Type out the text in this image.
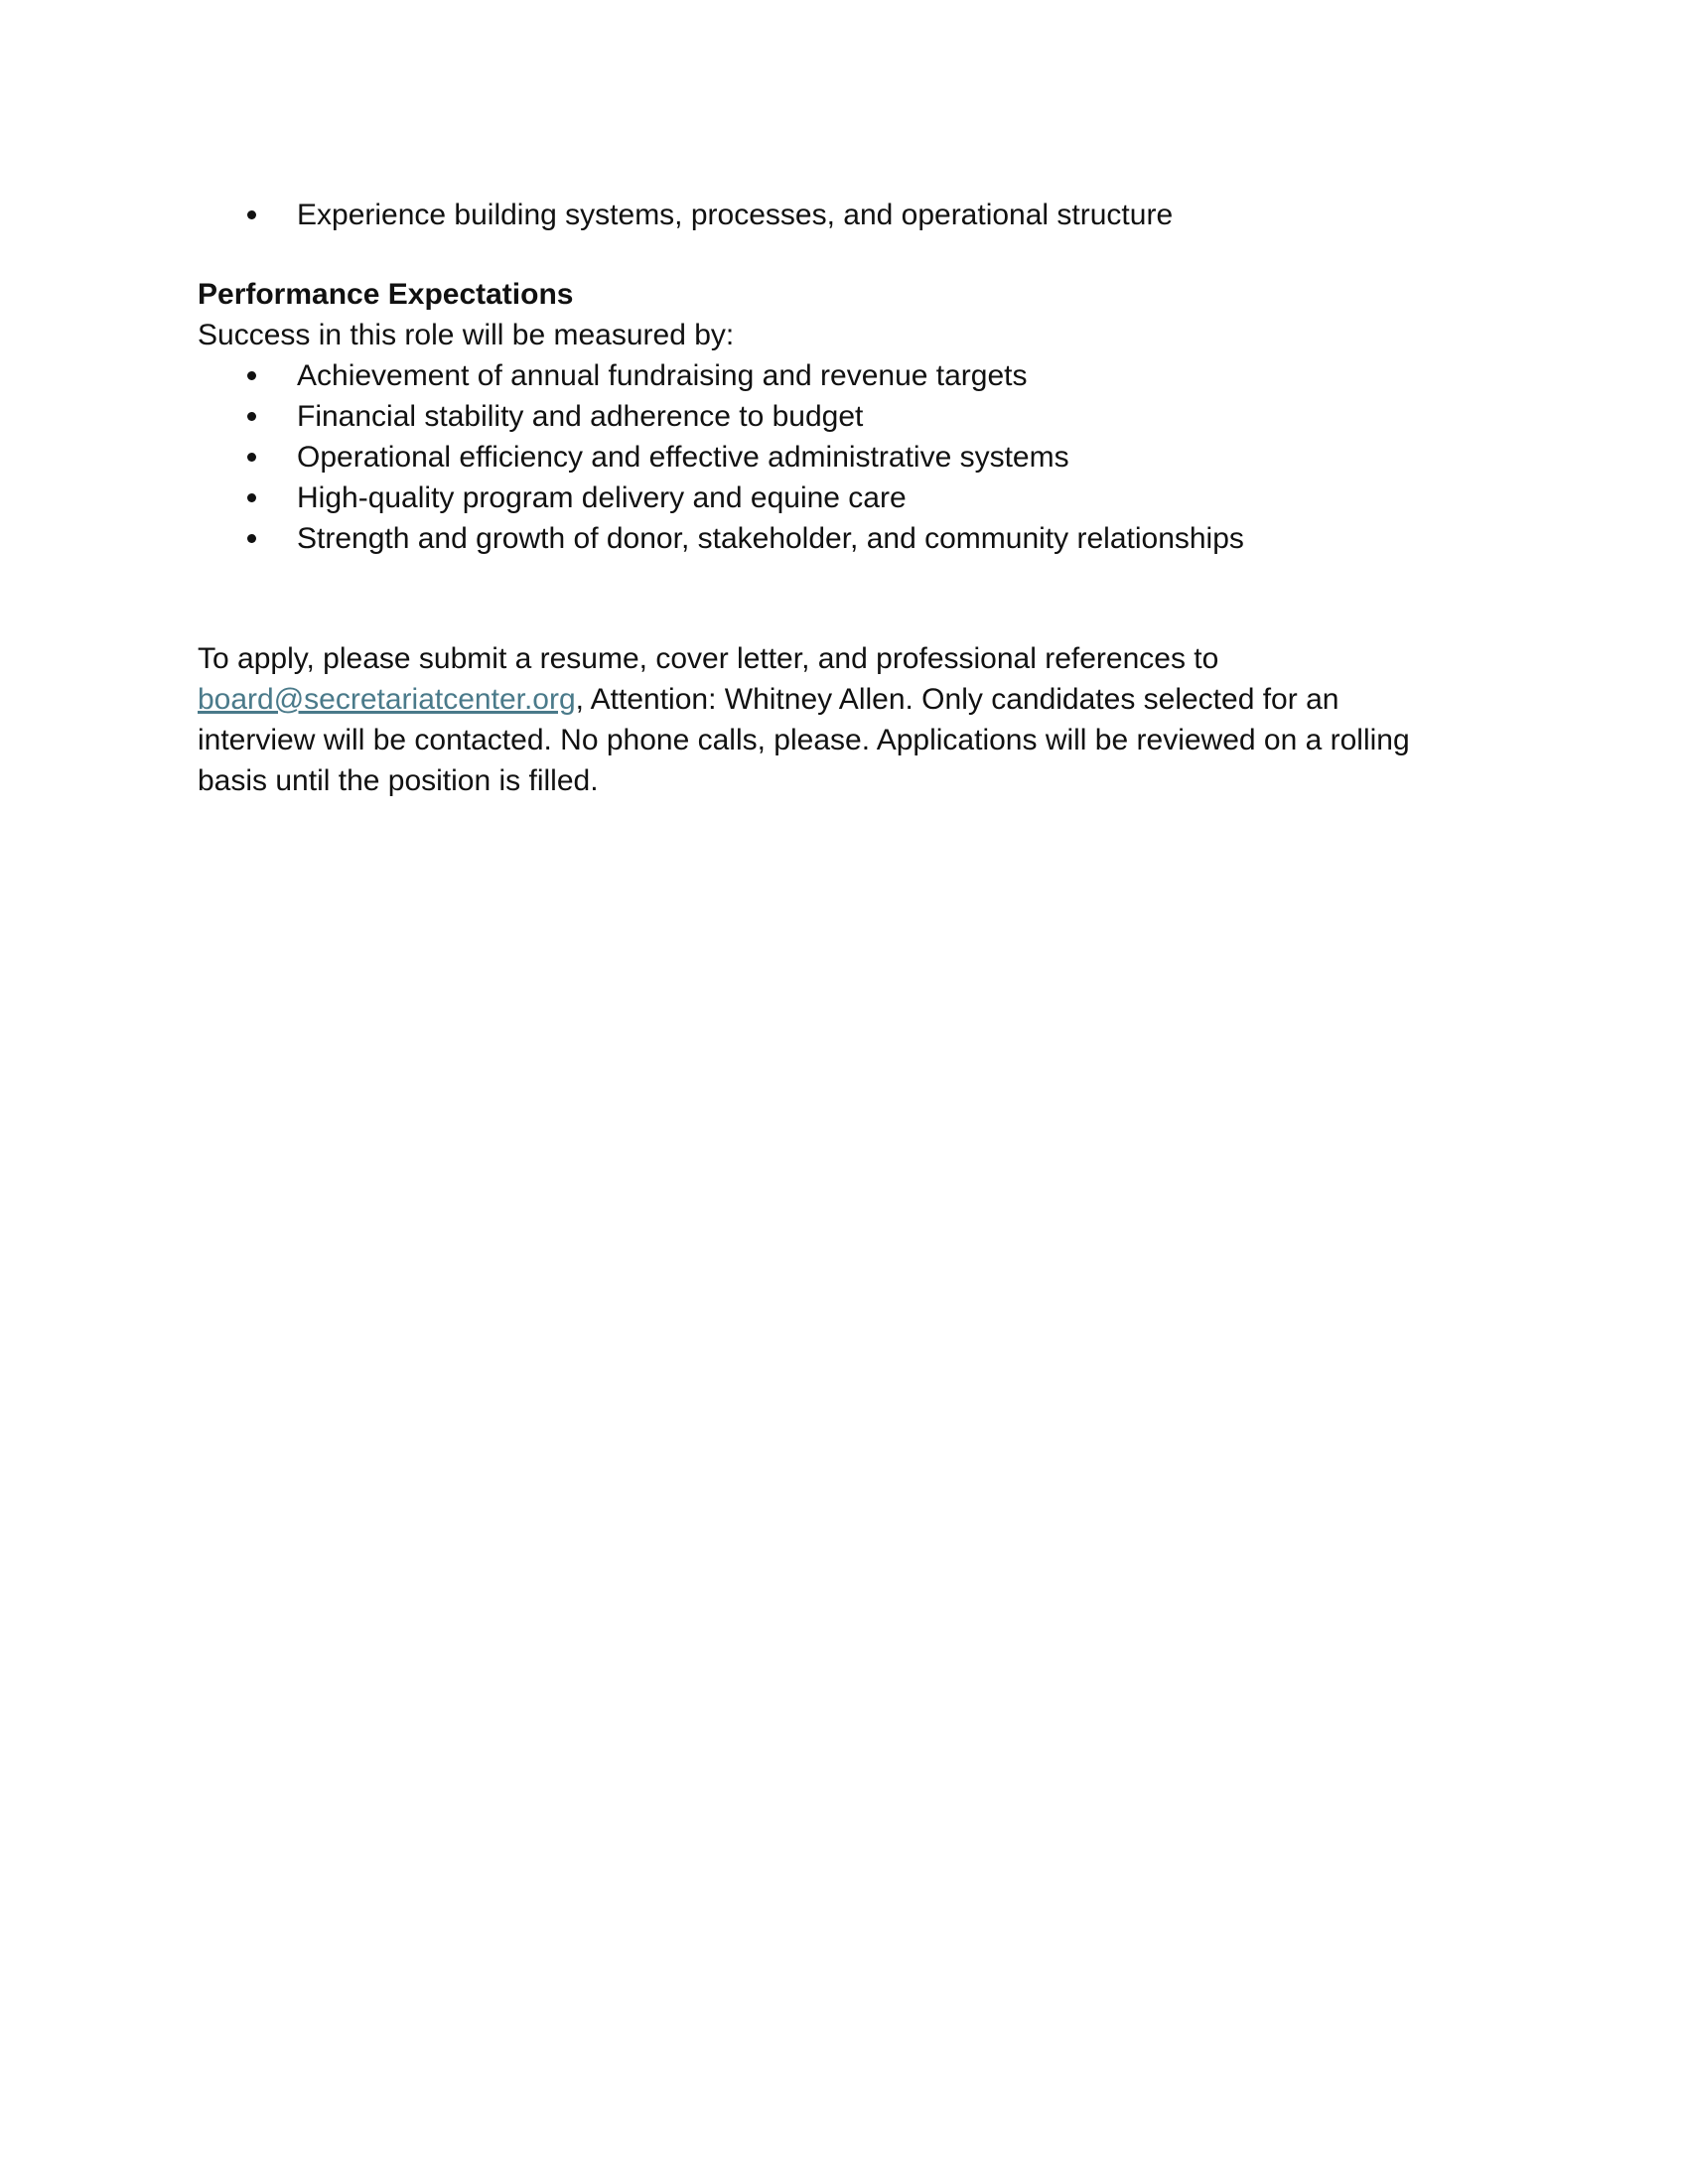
Experience building systems, processes, and operational structure
Performance Expectations
Success in this role will be measured by:
Achievement of annual fundraising and revenue targets
Financial stability and adherence to budget
Operational efficiency and effective administrative systems
High-quality program delivery and equine care
Strength and growth of donor, stakeholder, and community relationships

To apply, please submit a resume, cover letter, and professional references to board@secretariatcenter.org, Attention: Whitney Allen. Only candidates selected for an interview will be contacted. No phone calls, please. Applications will be reviewed on a rolling basis until the position is filled.
